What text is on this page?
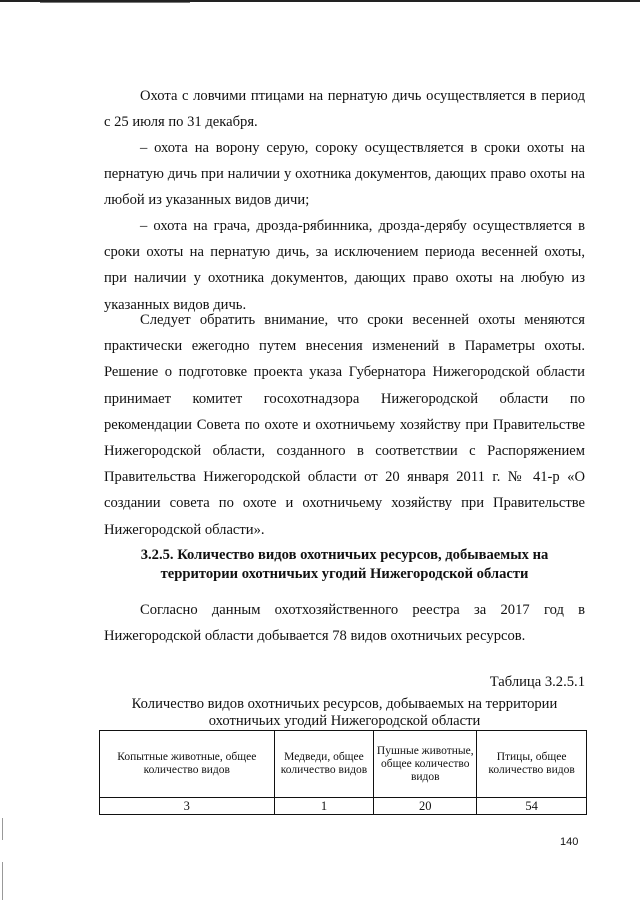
Охота с ловчими птицами на пернатую дичь осуществляется в период с 25 июля по 31 декабря.

– охота на ворону серую, сороку осуществляется в сроки охоты на пернатую дичь при наличии у охотника документов, дающих право охоты на любой из указанных видов дичи;

– охота на грача, дрозда-рябинника, дрозда-дерябу осуществляется в сроки охоты на пернатую дичь, за исключением периода весенней охоты, при наличии у охотника документов, дающих право охоты на любую из указанных видов дичь.

Следует обратить внимание, что сроки весенней охоты меняются практически ежегодно путем внесения изменений в Параметры охоты. Решение о подготовке проекта указа Губернатора Нижегородской области принимает комитет госохотнадзора Нижегородской области по рекомендации Совета по охоте и охотничьему хозяйству при Правительстве Нижегородской области, созданного в соответствии с Распоряжением Правительства Нижегородской области от 20 января 2011 г. № 41-р «О создании совета по охоте и охотничьему хозяйству при Правительстве Нижегородской области».

3.2.5. Количество видов охотничьих ресурсов, добываемых на территории охотничьих угодий Нижегородской области

Согласно данным охотхозяйственного реестра за 2017 год в Нижегородской области добывается 78 видов охотничьих ресурсов.

Таблица 3.2.5.1
Количество видов охотничьих ресурсов, добываемых на территории охотничьих угодий Нижегородской области
Копытные животные, общее количество видов	Медведи, общее количество видов	Пушные животные, общее количество видов	Птицы, общее количество видов
3	1	20	54
140
